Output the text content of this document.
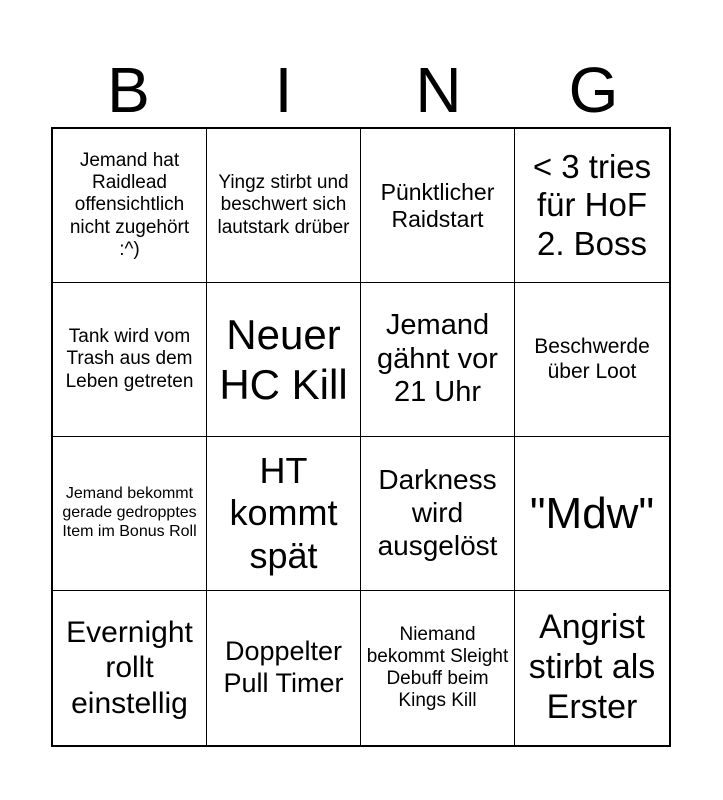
B	I	N	G
Jemand hat Raidlead offensichtlich nicht zugehört :^)
Yingz stirbt und beschwert sich lautstark drüber
Pünktlicher Raidstart
< 3 tries für HoF 2. Boss
Tank wird vom Trash aus dem Leben getreten
Neuer HC Kill
Jemand gähnt vor 21 Uhr
Beschwerde über Loot
Jemand bekommt gerade gedropptes Item im Bonus Roll
HT kommt spät
Darkness wird ausgelöst
"Mdw"
Evernight rollt einstellig
Doppelter Pull Timer
Niemand bekommt Sleight Debuff beim Kings Kill
Angrist stirbt als Erster
